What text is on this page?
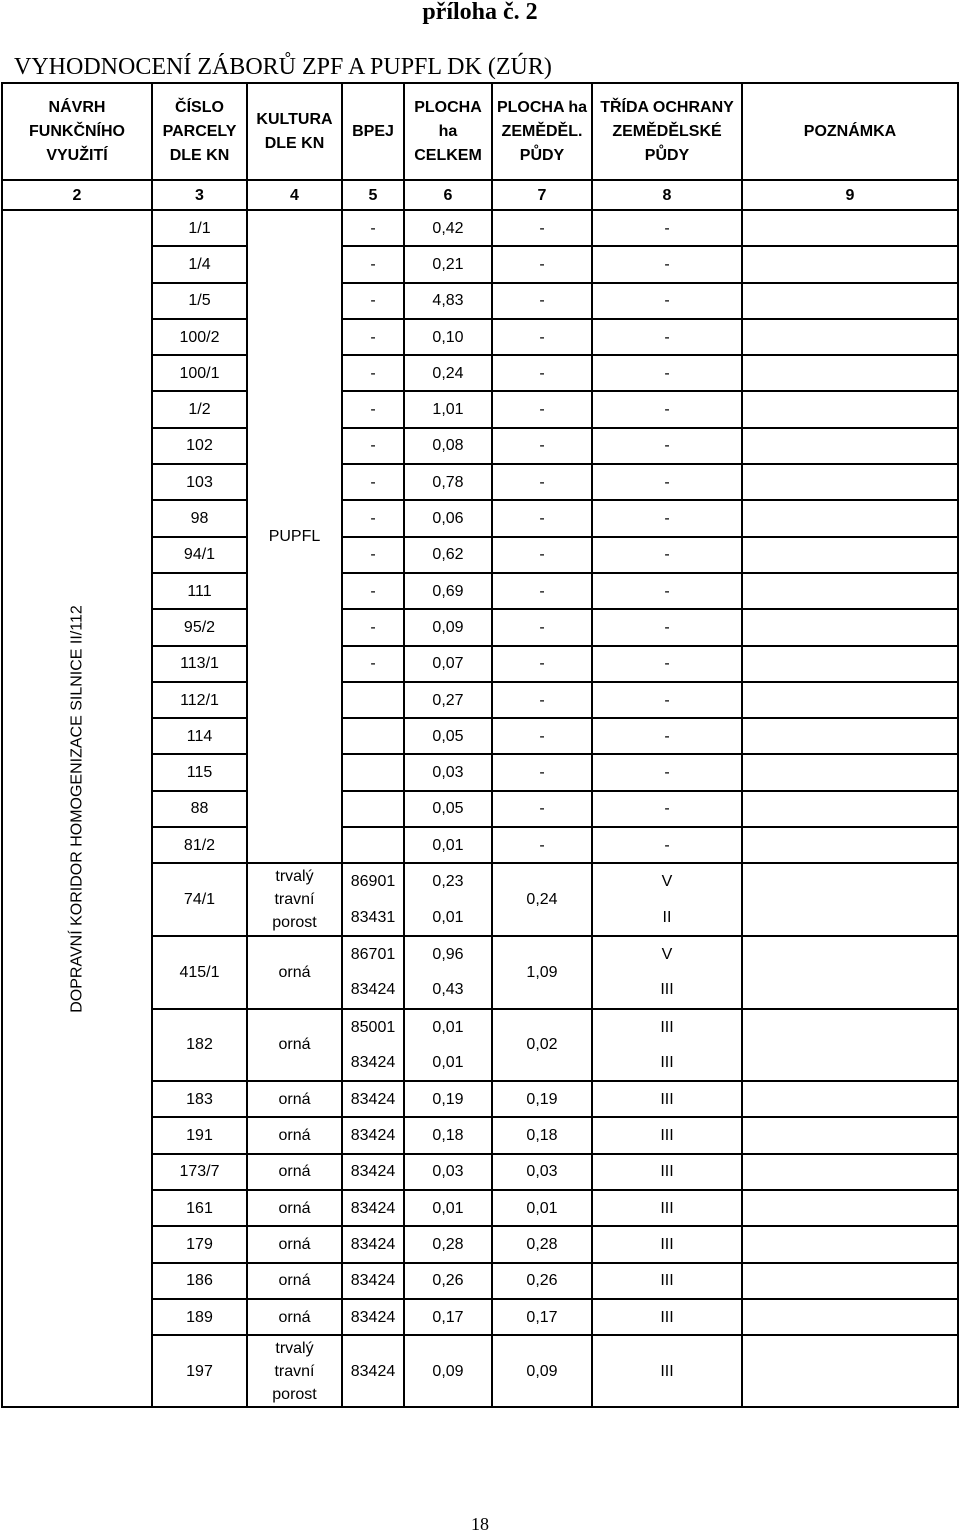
příloha č. 2
VYHODNOCENÍ ZÁBORŮ ZPF A PUPFL DK (ZÚR)
NÁVRH FUNKČNÍHO VYUŽITÍ	ČÍSLO PARCELY DLE KN	KULTURA DLE KN	BPEJ	PLOCHA ha CELKEM	PLOCHA ha ZEMĚDĚL. PŮDY	TŘÍDA OCHRANY ZEMĚDĚLSKÉ PŮDY	POZNÁMKA
2	3	4	5	6	7	8	9

DOPRAVNÍ KORIDOR HOMOGENIZACE SILNICE II/112	1/1	PUPFL	-	0,42	-	-	
	1/4		-	0,21	-	-	
	1/5		-	4,83	-	-	
	100/2		-	0,10	-	-	
	100/1		-	0,24	-	-	
	1/2		-	1,01	-	-	
	102		-	0,08	-	-	
	103		-	0,78	-	-	
	98		-	0,06	-	-	
	94/1		-	0,62	-	-	
	111		-	0,69	-	-	
	95/2		-	0,09	-	-	
	113/1		-	0,07	-	-	
	112/1			0,27	-	-	
	114			0,05	-	-	
	115			0,03	-	-	
	88			0,05	-	-	
	81/2			0,01	-	-	
	74/1	trvalý
travní
porost	86901	0,23	0,24	V	
			83431	0,01		II	
	415/1	orná	86701	0,96	1,09	V	
			83424	0,43		III	
	182	orná	85001	0,01	0,02	III	
			83424	0,01		III	
	183	orná	83424	0,19	0,19	III	
	191	orná	83424	0,18	0,18	III	
	173/7	orná	83424	0,03	0,03	III	
	161	orná	83424	0,01	0,01	III	
	179	orná	83424	0,28	0,28	III	
	186	orná	83424	0,26	0,26	III	
	189	orná	83424	0,17	0,17	III	
	197	trvalý
travní
porost	83424	0,09	0,09	III	
18
